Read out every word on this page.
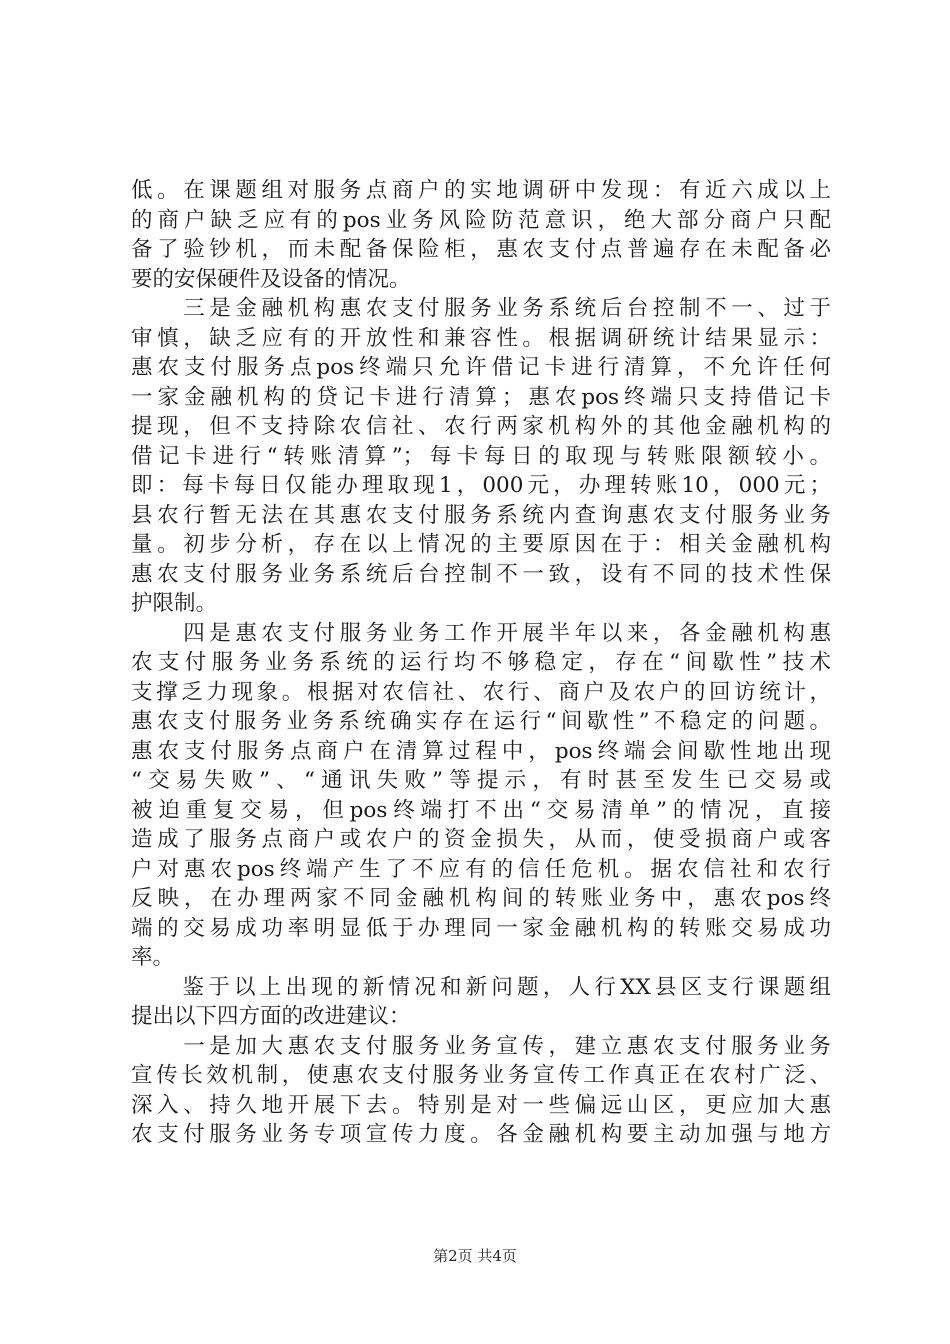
低。在课题组对服务点商户的实地调研中发现：有近六成以上
的商户缺乏应有的pos业务风险防范意识，绝大部分商户只配
备了验钞机，而未配备保险柜，惠农支付点普遍存在未配备必
要的安保硬件及设备的情况。
　　三是金融机构惠农支付服务业务系统后台控制不一、过于
审慎，缺乏应有的开放性和兼容性。根据调研统计结果显示：
惠农支付服务点pos终端只允许借记卡进行清算，不允许任何
一家金融机构的贷记卡进行清算；惠农pos终端只支持借记卡
提现，但不支持除农信社、农行两家机构外的其他金融机构的
借记卡进行“转账清算”；每卡每日的取现与转账限额较小。
即：每卡每日仅能办理取现1，000元，办理转账10，000元；
县农行暂无法在其惠农支付服务系统内查询惠农支付服务业务
量。初步分析，存在以上情况的主要原因在于：相关金融机构
惠农支付服务业务系统后台控制不一致，设有不同的技术性保
护限制。
　　四是惠农支付服务业务工作开展半年以来，各金融机构惠
农支付服务业务系统的运行均不够稳定，存在“间歇性”技术
支撑乏力现象。根据对农信社、农行、商户及农户的回访统计，
惠农支付服务业务系统确实存在运行“间歇性”不稳定的问题。
惠农支付服务点商户在清算过程中，pos终端会间歇性地出现
“交易失败”、“通讯失败”等提示，有时甚至发生已交易或
被迫重复交易，但pos终端打不出“交易清单”的情况，直接
造成了服务点商户或农户的资金损失，从而，使受损商户或客
户对惠农pos终端产生了不应有的信任危机。据农信社和农行
反映，在办理两家不同金融机构间的转账业务中，惠农pos终
端的交易成功率明显低于办理同一家金融机构的转账交易成功
率。
　　鉴于以上出现的新情况和新问题，人行XX县区支行课题组
提出以下四方面的改进建议：
　　一是加大惠农支付服务业务宣传，建立惠农支付服务业务
宣传长效机制，使惠农支付服务业务宣传工作真正在农村广泛、
深入、持久地开展下去。特别是对一些偏远山区，更应加大惠
农支付服务业务专项宣传力度。各金融机构要主动加强与地方
第2页 共4页
